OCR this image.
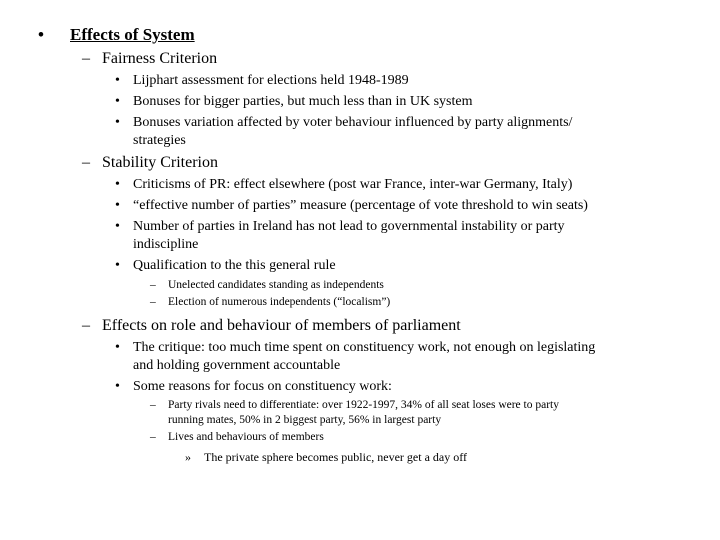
• Effects of System
– Fairness Criterion
• Lijphart assessment for elections held 1948-1989
• Bonuses for bigger parties, but much less than in UK system
• Bonuses variation affected by voter behaviour influenced by party alignments/
strategies
– Stability Criterion
• Criticisms of PR: effect elsewhere (post war France, inter-war Germany, Italy)
• “effective number of parties” measure (percentage of vote threshold to win seats)
• Number of parties in Ireland has not lead to governmental instability or party
indiscipline
• Qualification to the this general rule
– Unelected candidates standing as independents
– Election of numerous independents (“localism”)
– Effects on role and behaviour of members of parliament
• The critique: too much time spent on constituency work, not enough on legislating
and holding government accountable
• Some reasons for focus on constituency work:
– Party rivals need to differentiate: over 1922-1997, 34% of all seat loses were to party
running mates, 50% in 2 biggest party, 56% in largest party
– Lives and behaviours of members
» The private sphere becomes public, never get a day off
